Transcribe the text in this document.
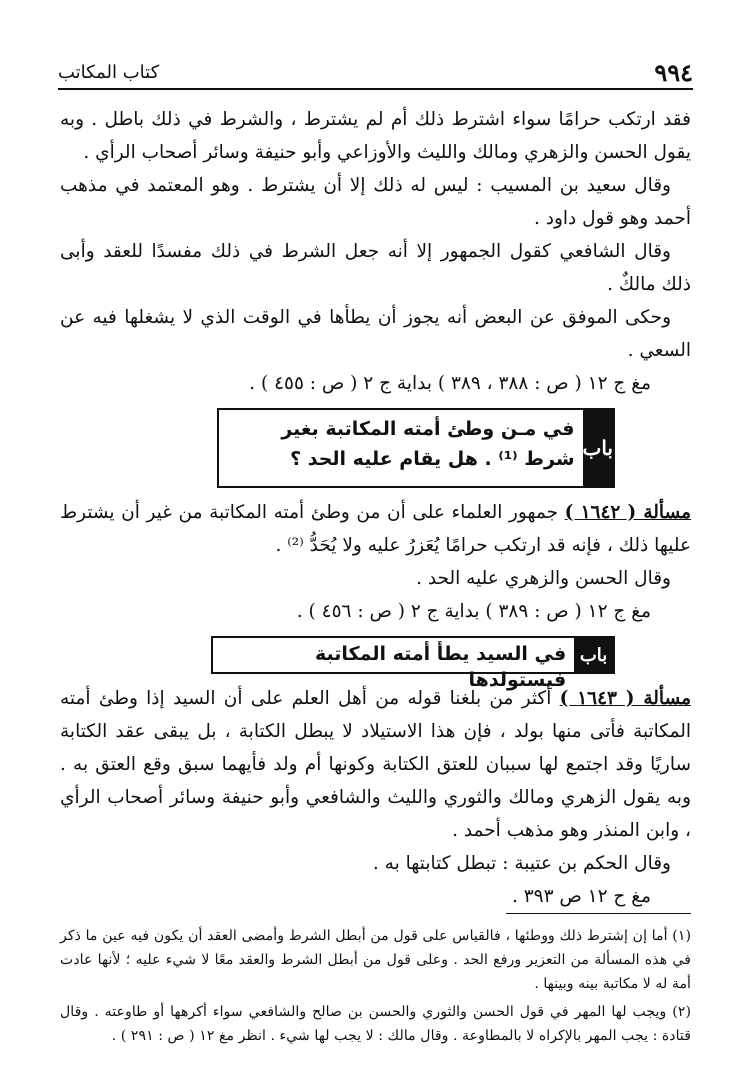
٩٩٤
كتاب المكاتب

فقد ارتكب حرامًا سواء اشترط ذلك أم لم يشترط ، والشرط في ذلك باطل . وبه يقول الحسن والزهري ومالك والليث والأوزاعي وأبو حنيفة وسائر أصحاب الرأي .

وقال سعيد بن المسيب : ليس له ذلك إلا أن يشترط . وهو المعتمد في مذهب أحمد وهو قول داود .

وقال الشافعي كقول الجمهور إلا أنه جعل الشرط في ذلك مفسدًا للعقد وأبى ذلك مالكٌ .

وحكى الموفق عن البعض أنه يجوز أن يطأها في الوقت الذي لا يشغلها فيه عن السعي .

مغ ج ١٢ ( ص : ٣٨٨ ، ٣٨٩ ) بداية ج ٢ ( ص : ٤٥٥ ) .
باب
في مـن وطئ أمته المكاتبة بغير شرط ⁽¹⁾ . هل يقام عليه الحد ؟

مسألة ( ١٦٤٢ ) جمهور العلماء على أن من وطئ أمته المكاتبة من غير أن يشترط عليها ذلك ، فإنه قد ارتكب حرامًا يُعَزرُ عليه ولا يُحَدُّ ⁽²⁾ .

وقال الحسن والزهري عليه الحد .

مغ ج ١٢ ( ص : ٣٨٩ ) بداية ج ٢ ( ص : ٤٥٦ ) .
باب
في السيد يطأ أمته المكاتبة فيستولدها

مسألة ( ١٦٤٣ ) أكثر من بلغنا قوله من أهل العلم على أن السيد إذا وطئ أمته المكاتبة فأتى منها بولد ، فإن هذا الاستيلاد لا يبطل الكتابة ، بل يبقى عقد الكتابة ساريًا وقد اجتمع لها سببان للعتق الكتابة وكونها أم ولد فأيهما سبق وقع العتق به . وبه يقول الزهري ومالك والثوري والليث والشافعي وأبو حنيفة وسائر أصحاب الرأي ، وابن المنذر وهو مذهب أحمد .

وقال الحكم بن عتيبة : تبطل كتابتها به .

مغ ح ١٢ ص ٣٩٣ .

(١) أما إن إشترط ذلك ووطئها ، فالقياس على قول من أبطل الشرط وأمضى العقد أن يكون فيه عين ما ذكر في هذه المسألة من التعزير ورفع الحد . وعلى قول من أبطل الشرط والعقد معًا لا شيء عليه ؛ لأنها عادت أمة له لا مكاتبة بينه وبينها .

(٢) ويجب لها المهر في قول الحسن والثوري والحسن بن صالح والشافعي سواء أكرهها أو طاوعته . وقال قتادة : يجب المهر بالإكراه لا بالمطاوعة . وقال مالك : لا يجب لها شيء . انظر مغ ١٢ ( ص : ٢٩١ ) .
